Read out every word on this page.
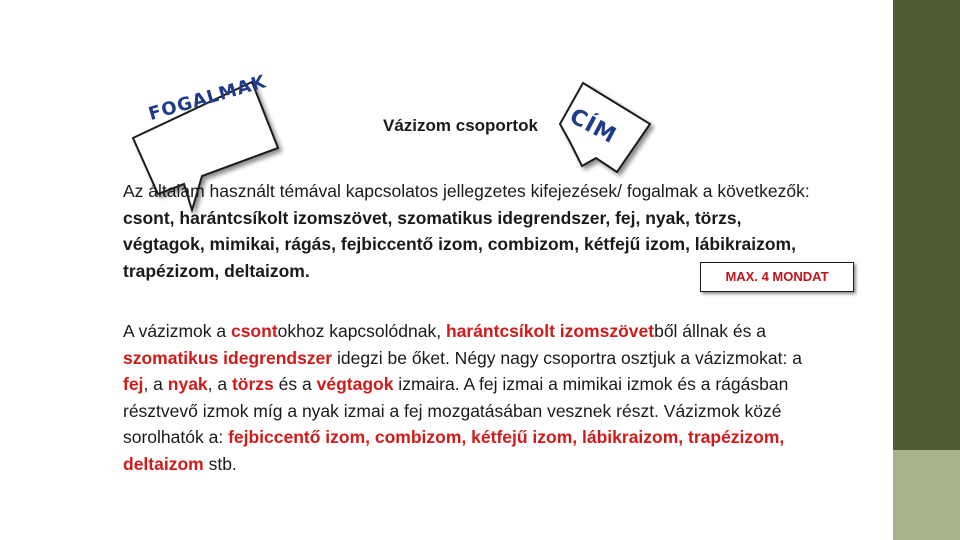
FOGALMAK
CÍM
Vázizom csoportok

Az általam használt témával kapcsolatos jellegzetes kifejezések/ fogalmak a következők: csont, harántcsíkolt izomszövet, szomatikus idegrendszer, fej, nyak, törzs, végtagok, mimikai, rágás, fejbiccentő izom, combizom, kétfejű izom, lábikraizom, trapézizom, deltaizom.	MAX. 4 MONDAT

A vázizmok a csontokhoz kapcsolódnak, harántcsíkolt izomszövetből állnak és a szomatikus idegrendszer idegzi be őket. Négy nagy csoportra osztjuk a vázizmokat: a fej, a nyak, a törzs és a végtagok izmaira. A fej izmai a mimikai izmok és a rágásban résztvevő izmok míg a nyak izmai a fej mozgatásában vesznek részt. Vázizmok közé sorolhatók a: fejbiccentő izom, combizom, kétfejű izom, lábikraizom, trapézizom, deltaizom stb.
